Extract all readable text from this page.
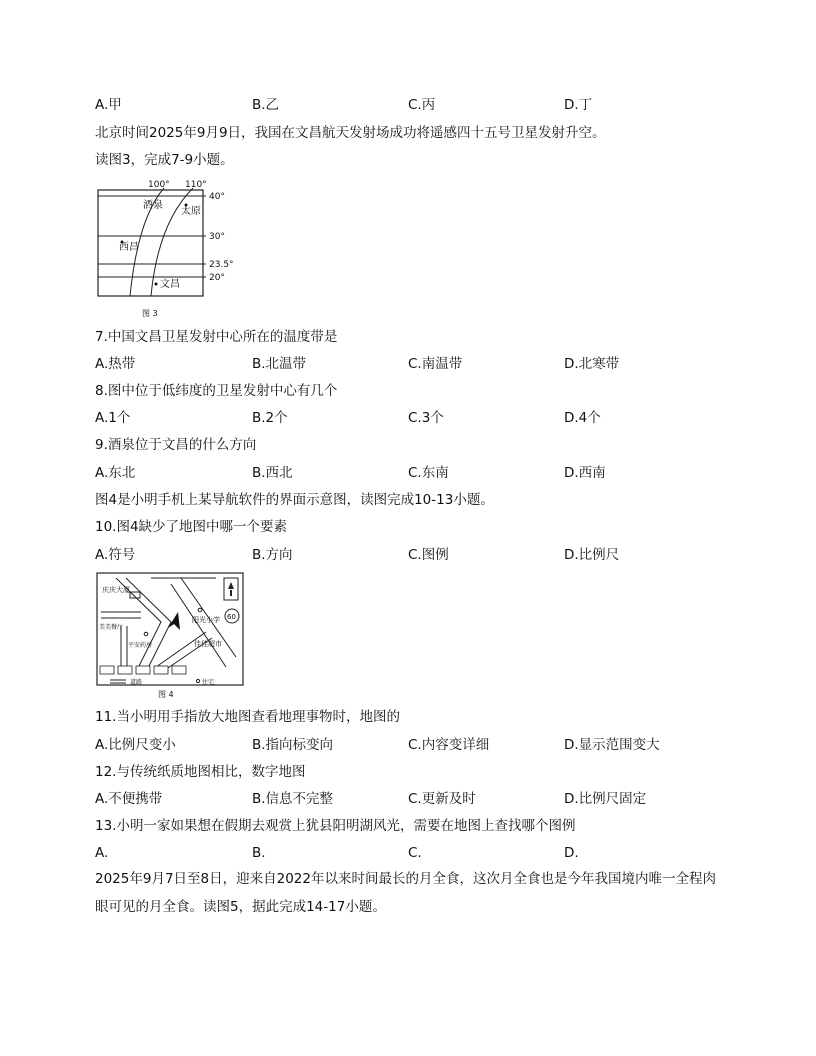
A.甲	B.乙	C.丙	D.丁
北京时间2025年9月9日，我国在文昌航天发射场成功将遥感四十五号卫星发射升空。
读图3，完成7-9小题。
100° 110°
40°
30°
23.5°
20°
酒泉
太原
西昌
文昌
图 3
7.中国文昌卫星发射中心所在的温度带是
A.热带	B.北温带	C.南温带	D.北寒带
8.图中位于低纬度的卫星发射中心有几个
A.1个	B.2个	C.3个	D.4个
9.酒泉位于文昌的什么方向
A.东北	B.西北	C.东南	D.西南
图4是小明手机上某导航软件的界面示意图，读图完成10-13小题。
10.图4缺少了地图中哪一个要素
A.符号	B.方向	C.图例	D.比例尺
60
庆庆大厦
美美餐厅
平安药房
阳光小学
佳佳超市
道路	住宅
图 4
11.当小明用手指放大地图查看地理事物时，地图的
A.比例尺变小	B.指向标变向	C.内容变详细	D.显示范围变大
12.与传统纸质地图相比，数字地图
A.不便携带	B.信息不完整	C.更新及时	D.比例尺固定
13.小明一家如果想在假期去观赏上犹县阳明湖风光，需要在地图上查找哪个图例
A.	B.	C.	D.
2025年9月7日至8日，迎来自2022年以来时间最长的月全食，这次月全食也是今年我国境内唯一全程肉
眼可见的月全食。读图5，据此完成14-17小题。
